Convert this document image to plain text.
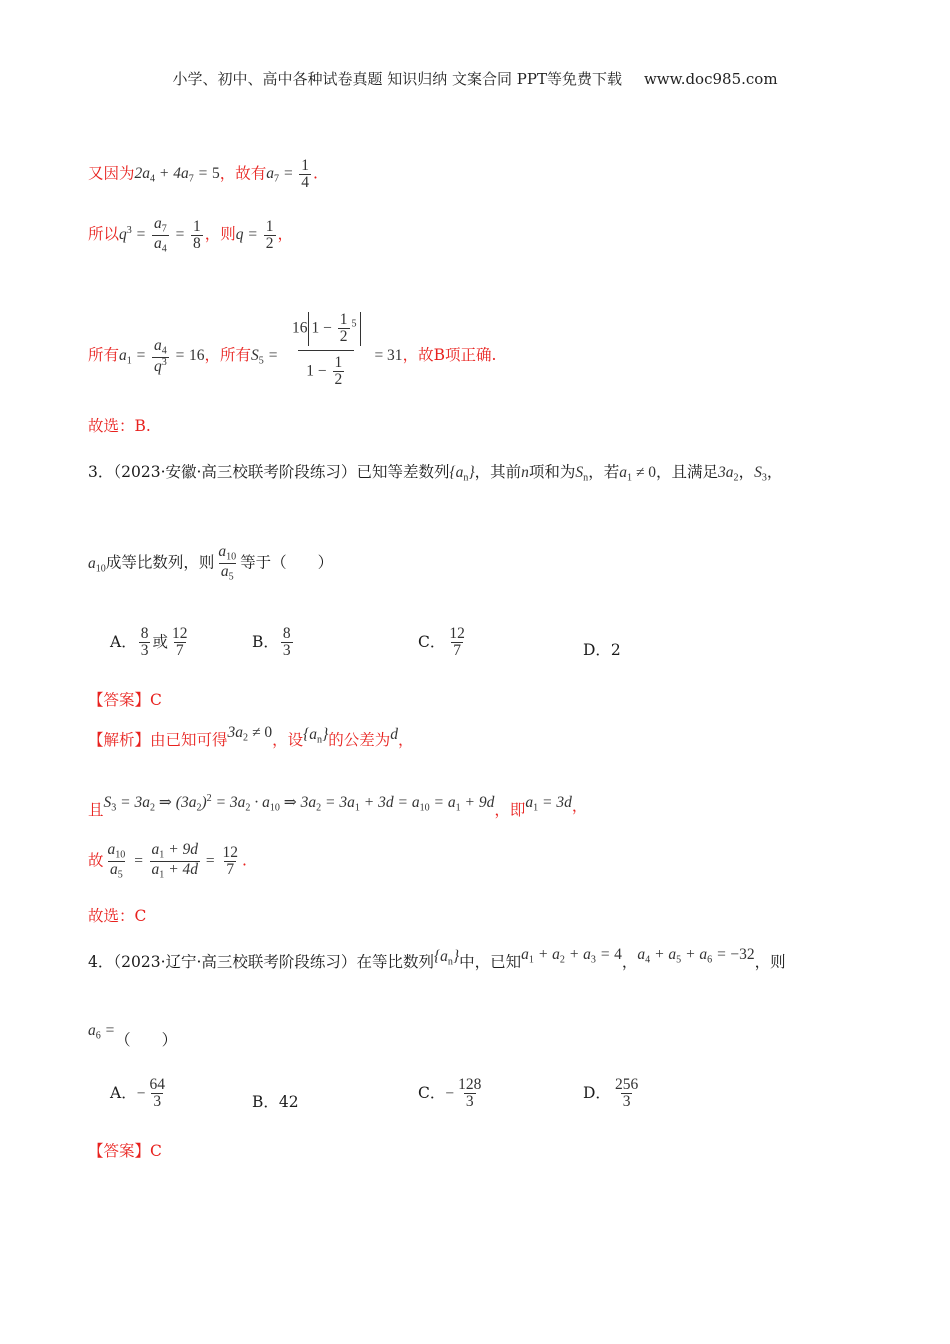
小学、初中、高中各种试卷真题 知识归纳 文案合同 PPT等免费下载 www.doc985.com
又因为$2a_4 + 4a_7 = 5$，故有$a_7 = \frac{1}{4}$ .
所以$q^3 = \frac{a_7}{a_4} = \frac{1}{8}$ ，则$q = \frac{1}{2}$ ，
所有$a_1 = \frac{a_4}{q^3} = 16$，所有$S_5 = \frac{16 1 - \frac{1}{2} ^5}{1 - \frac{1}{2}} = 31$，故B项正确.
故选：B.
3．（2023·安徽·高三校联考阶段练习）已知等差数列$\{a_n\}$，其前n项和为$S_n$，若$a_1 \ne 0$，且满足$3a_2$，$S_3$，
$a_{10}$成等比数列，则 $\frac{a_{10}}{a_5}$ 等于（　　）
A． $\frac{8}{3}$ 或 $\frac{12}{7}$	B． $\frac{8}{3}$	C． $\frac{12}{7}$	D．2
【答案】C
【解析】由已知可得$3a_2 \ne 0$，设$\{a_n\}$的公差为d，
且$S_3 = 3a_2$ ⇒ $(3a_2)^2 = 3a_2 \cdot a_{10}$ ⇒ $3a_2 = 3a_1 + 3d = a_{10} = a_1 + 9d$，即$a_1 = 3d$，
故 $\frac{a_{10}}{a_5} = \frac{a_1 + 9d}{a_1 + 4d} = \frac{12}{7}$ .
故选：C
4．（2023·辽宁·高三校联考阶段练习）在等比数列$\{a_n\}$中，已知$a_1 + a_2 + a_3 = 4$，$a_4 + a_5 + a_6 = -32$，则
$a_6$ =（　　）
A．− $\frac{64}{3}$	B．42
C．− $\frac{128}{3}$	D． $\frac{256}{3}$
【答案】C
